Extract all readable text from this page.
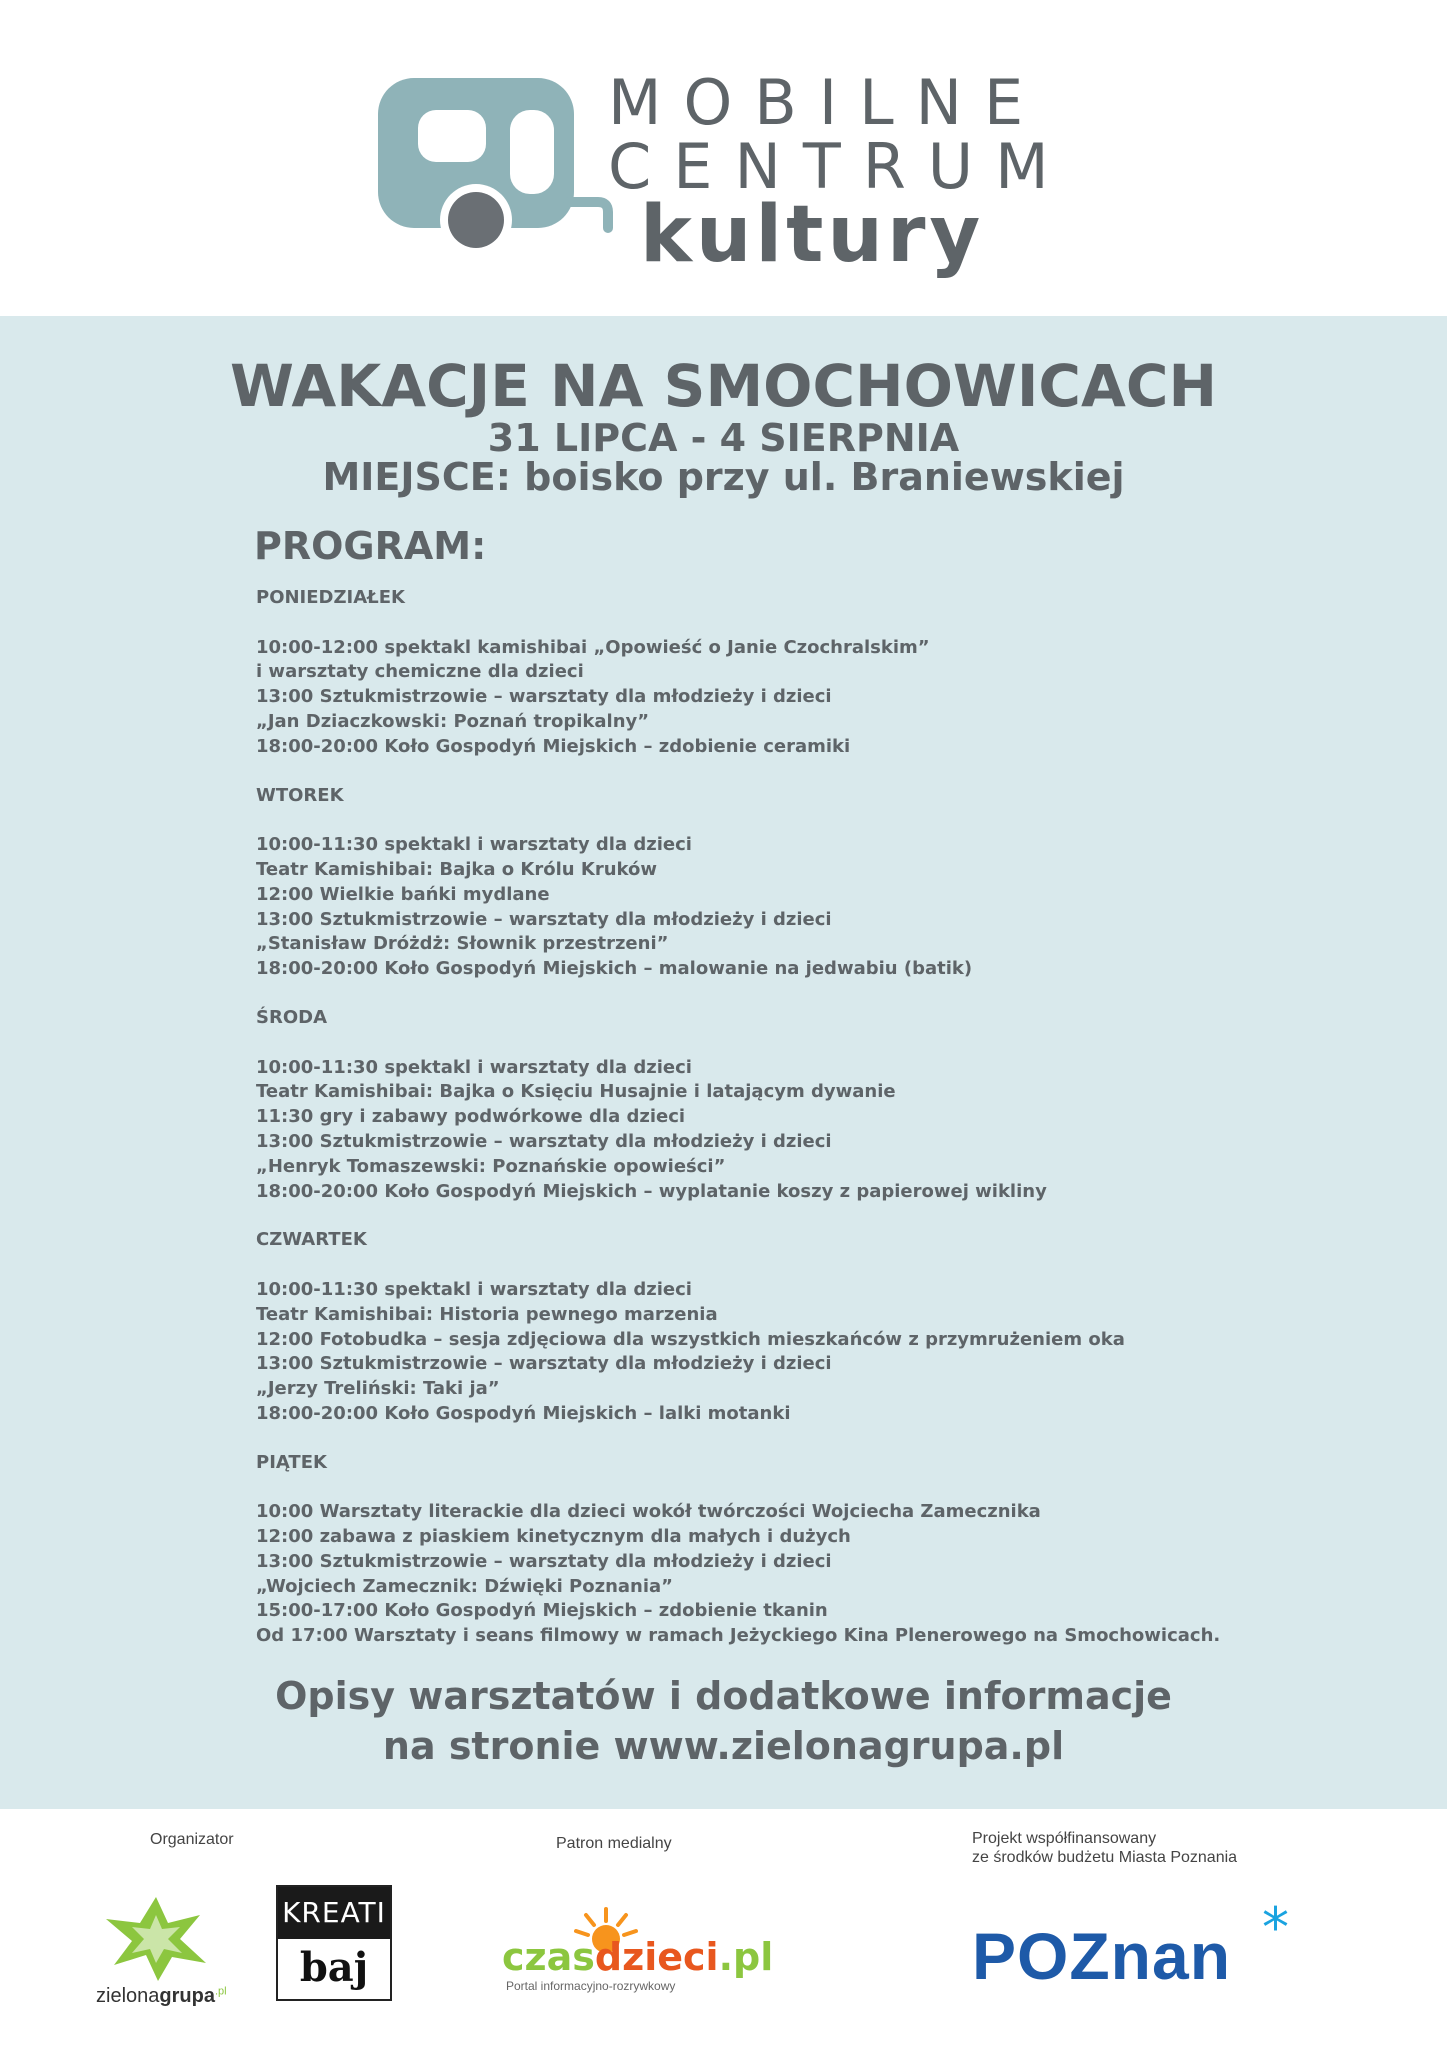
MOBILNE
CENTRUM
kultury
WAKACJE NA SMOCHOWICACH
31 LIPCA - 4 SIERPNIA
MIEJSCE: boisko przy ul. Braniewskiej
PROGRAM:
PONIEDZIAŁEK
10:00-12:00 spektakl kamishibai „Opowieść o Janie Czochralskim”
i warsztaty chemiczne dla dzieci
13:00 Sztukmistrzowie – warsztaty dla młodzieży i dzieci
„Jan Dziaczkowski: Poznań tropikalny”
18:00-20:00 Koło Gospodyń Miejskich – zdobienie ceramiki
WTOREK
10:00-11:30 spektakl i warsztaty dla dzieci
Teatr Kamishibai: Bajka o Królu Kruków
12:00 Wielkie bańki mydlane
13:00 Sztukmistrzowie – warsztaty dla młodzieży i dzieci
„Stanisław Dróżdż: Słownik przestrzeni”
18:00-20:00 Koło Gospodyń Miejskich – malowanie na jedwabiu (batik)
ŚRODA
10:00-11:30 spektakl i warsztaty dla dzieci
Teatr Kamishibai: Bajka o Księciu Husajnie i latającym dywanie
11:30 gry i zabawy podwórkowe dla dzieci
13:00 Sztukmistrzowie – warsztaty dla młodzieży i dzieci
„Henryk Tomaszewski: Poznańskie opowieści”
18:00-20:00 Koło Gospodyń Miejskich – wyplatanie koszy z papierowej wikliny
CZWARTEK
10:00-11:30 spektakl i warsztaty dla dzieci
Teatr Kamishibai: Historia pewnego marzenia
12:00 Fotobudka – sesja zdjęciowa dla wszystkich mieszkańców z przymrużeniem oka
13:00 Sztukmistrzowie – warsztaty dla młodzieży i dzieci
„Jerzy Treliński: Taki ja”
18:00-20:00 Koło Gospodyń Miejskich – lalki motanki
PIĄTEK
10:00 Warsztaty literackie dla dzieci wokół twórczości Wojciecha Zamecznika
12:00 zabawa z piaskiem kinetycznym dla małych i dużych
13:00 Sztukmistrzowie – warsztaty dla młodzieży i dzieci
„Wojciech Zamecznik: Dźwięki Poznania”
15:00-17:00 Koło Gospodyń Miejskich – zdobienie tkanin
Od 17:00 Warsztaty i seans filmowy w ramach Jeżyckiego Kina Plenerowego na Smochowicach.
Opisy warsztatów i dodatkowe informacje
na stronie www.zielonagrupa.pl
Organizator	Patron medialny	Projekt współfinansowany
ze środków budżetu Miasta Poznania
zielonagrupa$^{.pl}$
KREATI
baj	czasdzieci.pl
Portal informacyjno-rozrywkowy	POZnan *
